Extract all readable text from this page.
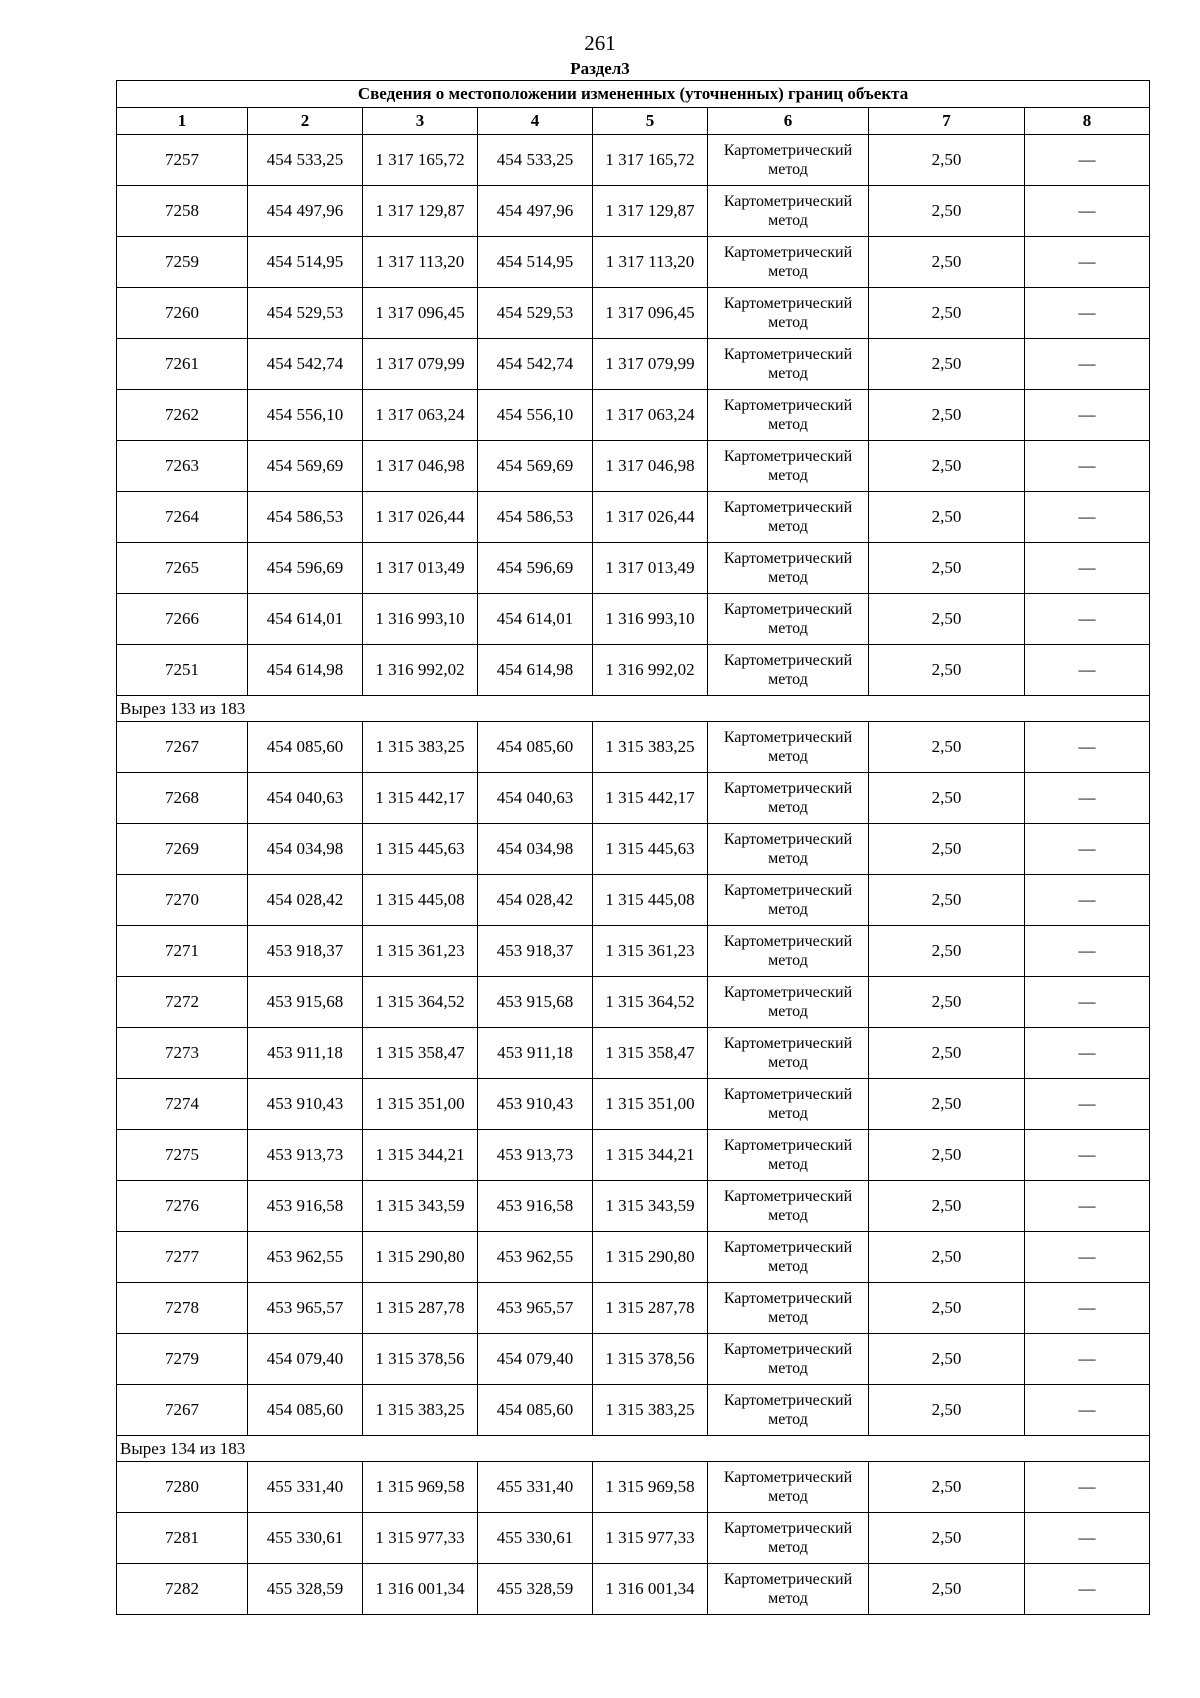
261
Раздел3
Сведения о местоположении измененных (уточненных) границ объекта							
1	2	3	4	5	6	7	8
7257	454 533,25	1 317 165,72	454 533,25	1 317 165,72	Картометрический метод	2,50	—
7258	454 497,96	1 317 129,87	454 497,96	1 317 129,87	Картометрический метод	2,50	—
7259	454 514,95	1 317 113,20	454 514,95	1 317 113,20	Картометрический метод	2,50	—
7260	454 529,53	1 317 096,45	454 529,53	1 317 096,45	Картометрический метод	2,50	—
7261	454 542,74	1 317 079,99	454 542,74	1 317 079,99	Картометрический метод	2,50	—
7262	454 556,10	1 317 063,24	454 556,10	1 317 063,24	Картометрический метод	2,50	—
7263	454 569,69	1 317 046,98	454 569,69	1 317 046,98	Картометрический метод	2,50	—
7264	454 586,53	1 317 026,44	454 586,53	1 317 026,44	Картометрический метод	2,50	—
7265	454 596,69	1 317 013,49	454 596,69	1 317 013,49	Картометрический метод	2,50	—
7266	454 614,01	1 316 993,10	454 614,01	1 316 993,10	Картометрический метод	2,50	—
7251	454 614,98	1 316 992,02	454 614,98	1 316 992,02	Картометрический метод	2,50	—
Вырез 133 из 183							
7267	454 085,60	1 315 383,25	454 085,60	1 315 383,25	Картометрический метод	2,50	—
7268	454 040,63	1 315 442,17	454 040,63	1 315 442,17	Картометрический метод	2,50	—
7269	454 034,98	1 315 445,63	454 034,98	1 315 445,63	Картометрический метод	2,50	—
7270	454 028,42	1 315 445,08	454 028,42	1 315 445,08	Картометрический метод	2,50	—
7271	453 918,37	1 315 361,23	453 918,37	1 315 361,23	Картометрический метод	2,50	—
7272	453 915,68	1 315 364,52	453 915,68	1 315 364,52	Картометрический метод	2,50	—
7273	453 911,18	1 315 358,47	453 911,18	1 315 358,47	Картометрический метод	2,50	—
7274	453 910,43	1 315 351,00	453 910,43	1 315 351,00	Картометрический метод	2,50	—
7275	453 913,73	1 315 344,21	453 913,73	1 315 344,21	Картометрический метод	2,50	—
7276	453 916,58	1 315 343,59	453 916,58	1 315 343,59	Картометрический метод	2,50	—
7277	453 962,55	1 315 290,80	453 962,55	1 315 290,80	Картометрический метод	2,50	—
7278	453 965,57	1 315 287,78	453 965,57	1 315 287,78	Картометрический метод	2,50	—
7279	454 079,40	1 315 378,56	454 079,40	1 315 378,56	Картометрический метод	2,50	—
7267	454 085,60	1 315 383,25	454 085,60	1 315 383,25	Картометрический метод	2,50	—
Вырез 134 из 183							
7280	455 331,40	1 315 969,58	455 331,40	1 315 969,58	Картометрический метод	2,50	—
7281	455 330,61	1 315 977,33	455 330,61	1 315 977,33	Картометрический метод	2,50	—
7282	455 328,59	1 316 001,34	455 328,59	1 316 001,34	Картометрический метод	2,50	—
